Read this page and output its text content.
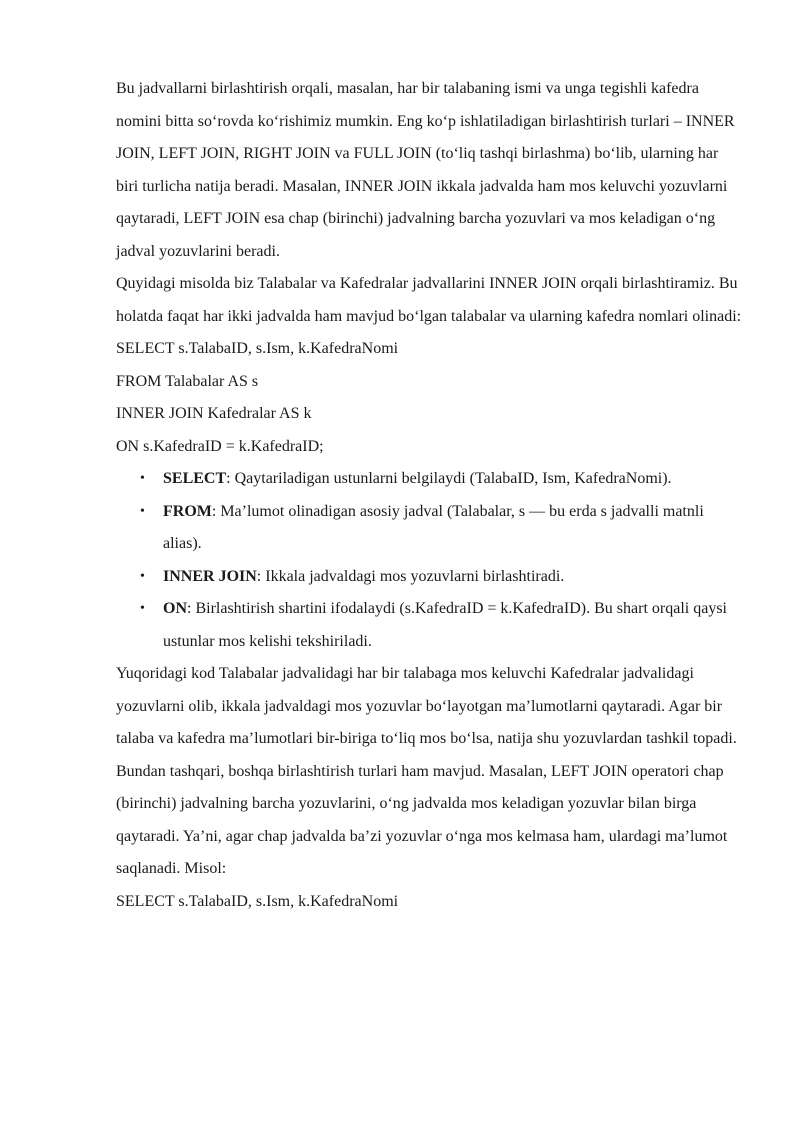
Bu jadvallarni birlashtirish orqali, masalan, har bir talabaning ismi va unga tegishli kafedra nomini bitta so‘rovda ko‘rishimiz mumkin. Eng ko‘p ishlatiladigan birlashtirish turlari – INNER JOIN, LEFT JOIN, RIGHT JOIN va FULL JOIN (to‘liq tashqi birlashma) bo‘lib, ularning har biri turlicha natija beradi. Masalan, INNER JOIN ikkala jadvalda ham mos keluvchi yozuvlarni qaytaradi, LEFT JOIN esa chap (birinchi) jadvalning barcha yozuvlari va mos keladigan o‘ng jadval yozuvlarini beradi.

Quyidagi misolda biz Talabalar va Kafedralar jadvallarini INNER JOIN orqali birlashtiramiz. Bu holatda faqat har ikki jadvalda ham mavjud bo‘lgan talabalar va ularning kafedra nomlari olinadi:

SELECT s.TalabaID, s.Ism, k.KafedraNomi

FROM Talabalar AS s

INNER JOIN Kafedralar AS k

ON s.KafedraID = k.KafedraID;

• SELECT: Qaytariladigan ustunlarni belgilaydi (TalabaID, Ism, KafedraNomi).
• FROM: Ma’lumot olinadigan asosiy jadval (Talabalar, s — bu erda s jadvalli matnli alias).
• INNER JOIN: Ikkala jadvaldagi mos yozuvlarni birlashtiradi.
• ON: Birlashtirish shartini ifodalaydi (s.KafedraID = k.KafedraID). Bu shart orqali qaysi ustunlar mos kelishi tekshiriladi.

Yuqoridagi kod Talabalar jadvalidagi har bir talabaga mos keluvchi Kafedralar jadvalidagi yozuvlarni olib, ikkala jadvaldagi mos yozuvlar bo‘layotgan ma’lumotlarni qaytaradi. Agar bir talaba va kafedra ma’lumotlari bir-biriga to‘liq mos bo‘lsa, natija shu yozuvlardan tashkil topadi.

Bundan tashqari, boshqa birlashtirish turlari ham mavjud. Masalan, LEFT JOIN operatori chap (birinchi) jadvalning barcha yozuvlarini, o‘ng jadvalda mos keladigan yozuvlar bilan birga qaytaradi. Ya’ni, agar chap jadvalda ba’zi yozuvlar o‘nga mos kelmasa ham, ulardagi ma’lumot saqlanadi. Misol:

SELECT s.TalabaID, s.Ism, k.KafedraNomi
